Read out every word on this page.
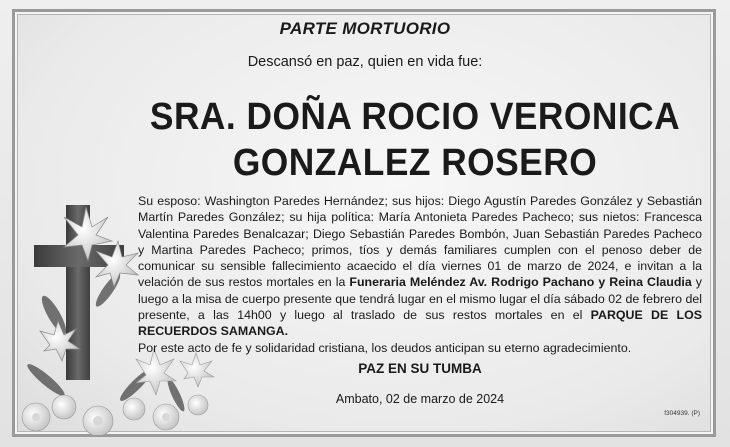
PARTE MORTUORIO
Descansó en paz, quien en vida fue:
SRA. DOÑA ROCIO VERONICA
GONZALEZ ROSERO

Su esposo: Washington Paredes Hernández; sus hijos: Diego Agustín Paredes González y Sebastián Martín Paredes González; su hija política: María Antonieta Paredes Pacheco; sus nietos: Francesca Valentina Paredes Benalcazar; Diego Sebastián Paredes Bombón, Juan Sebastián Paredes Pacheco y Martina Paredes Pacheco; primos, tíos y demás familiares cumplen con el penoso deber de comunicar su sensible fallecimiento acaecido el día viernes 01 de marzo de 2024, e invitan a la velación de sus restos mortales en la Funeraria Meléndez Av. Rodrigo Pachano y Reina Claudia y luego a la misa de cuerpo presente que tendrá lugar en el mismo lugar el día sábado 02 de febrero del presente, a las 14h00 y luego al traslado de sus restos mortales en el PARQUE DE LOS RECUERDOS SAMANGA.

Por este acto de fe y solidaridad cristiana, los deudos anticipan su eterno agradecimiento.

PAZ EN SU TUMBA
Ambato, 02 de marzo de 2024
f304939. (P)
